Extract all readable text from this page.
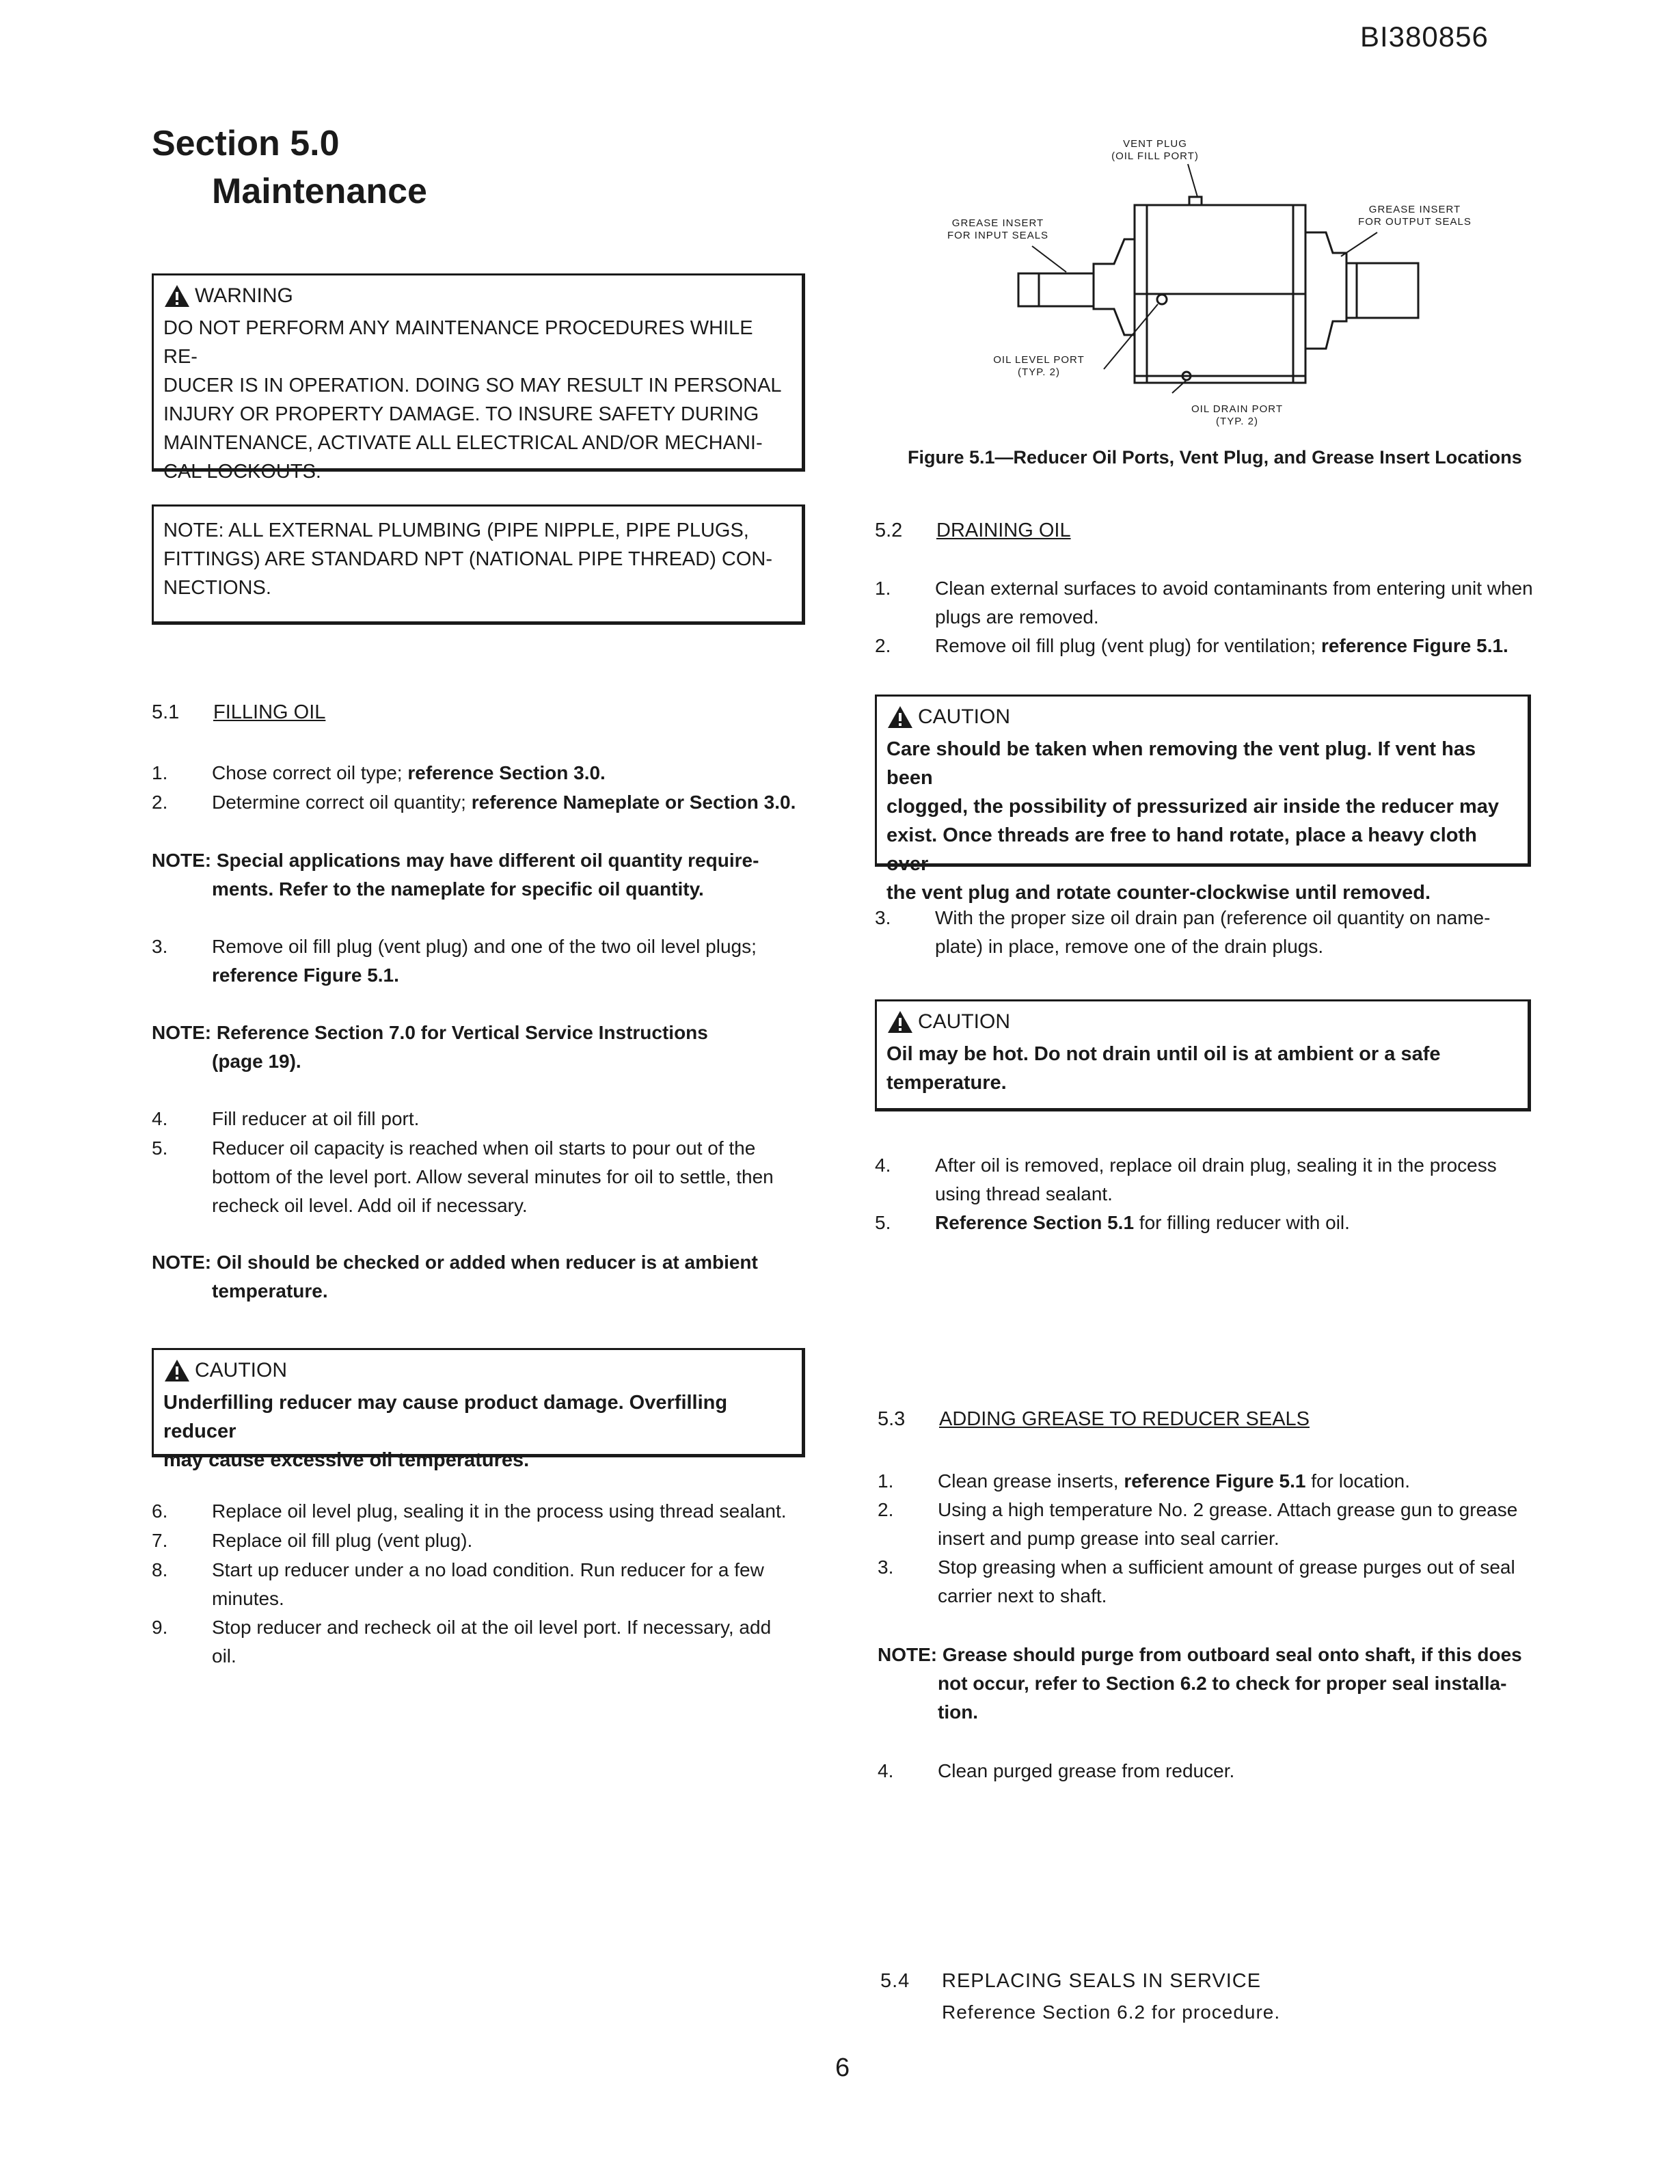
BI380856
Section 5.0
Maintenance
WARNING
DO NOT PERFORM ANY MAINTENANCE PROCEDURES WHILE RE-
DUCER IS IN OPERATION. DOING SO MAY RESULT IN PERSONAL
INJURY OR PROPERTY DAMAGE. TO INSURE SAFETY DURING
MAINTENANCE, ACTIVATE ALL ELECTRICAL AND/OR MECHANI-
CAL LOCKOUTS.
NOTE: ALL EXTERNAL PLUMBING (PIPE NIPPLE, PIPE PLUGS,
FITTINGS) ARE STANDARD NPT (NATIONAL PIPE THREAD) CON-
NECTIONS.
5.1 FILLING OIL
1. Chose correct oil type; reference Section 3.0.
2. Determine correct oil quantity; reference Nameplate or Section 3.0.
NOTE: Special applications may have different oil quantity require-
ments. Refer to the nameplate for specific oil quantity.
3. Remove oil fill plug (vent plug) and one of the two oil level plugs;
reference Figure 5.1.
NOTE: Reference Section 7.0 for Vertical Service Instructions
(page 19).
4. Fill reducer at oil fill port.
5. Reducer oil capacity is reached when oil starts to pour out of the
bottom of the level port. Allow several minutes for oil to settle, then
recheck oil level. Add oil if necessary.
NOTE: Oil should be checked or added when reducer is at ambient
temperature.
CAUTION
Underfilling reducer may cause product damage. Overfilling reducer
may cause excessive oil temperatures.
6. Replace oil level plug, sealing it in the process using thread sealant.
7. Replace oil fill plug (vent plug).
8. Start up reducer under a no load condition. Run reducer for a few
minutes.
9. Stop reducer and recheck oil at the oil level port. If necessary, add
oil.
VENT PLUG
(OIL FILL PORT)
GREASE INSERT
FOR INPUT SEALS
GREASE INSERT
FOR OUTPUT SEALS
OIL LEVEL PORT
(TYP. 2)
OIL DRAIN PORT
(TYP. 2)
Figure 5.1—Reducer Oil Ports, Vent Plug, and Grease Insert Locations
5.2 DRAINING OIL
1. Clean external surfaces to avoid contaminants from entering unit when
plugs are removed.
2. Remove oil fill plug (vent plug) for ventilation; reference Figure 5.1.
CAUTION
Care should be taken when removing the vent plug. If vent has been
clogged, the possibility of pressurized air inside the reducer may
exist. Once threads are free to hand rotate, place a heavy cloth over
the vent plug and rotate counter-clockwise until removed.
3. With the proper size oil drain pan (reference oil quantity on name-
plate) in place, remove one of the drain plugs.
CAUTION
Oil may be hot. Do not drain until oil is at ambient or a safe
temperature.
4. After oil is removed, replace oil drain plug, sealing it in the process
using thread sealant.
5. Reference Section 5.1 for filling reducer with oil.
5.3 ADDING GREASE TO REDUCER SEALS
1. Clean grease inserts, reference Figure 5.1 for location.
2. Using a high temperature No. 2 grease. Attach grease gun to grease
insert and pump grease into seal carrier.
3. Stop greasing when a sufficient amount of grease purges out of seal
carrier next to shaft.
NOTE: Grease should purge from outboard seal onto shaft, if this does
not occur, refer to Section 6.2 to check for proper seal installa-
tion.
4. Clean purged grease from reducer.
5.4 REPLACING SEALS IN SERVICE
Reference Section 6.2 for procedure.
6
